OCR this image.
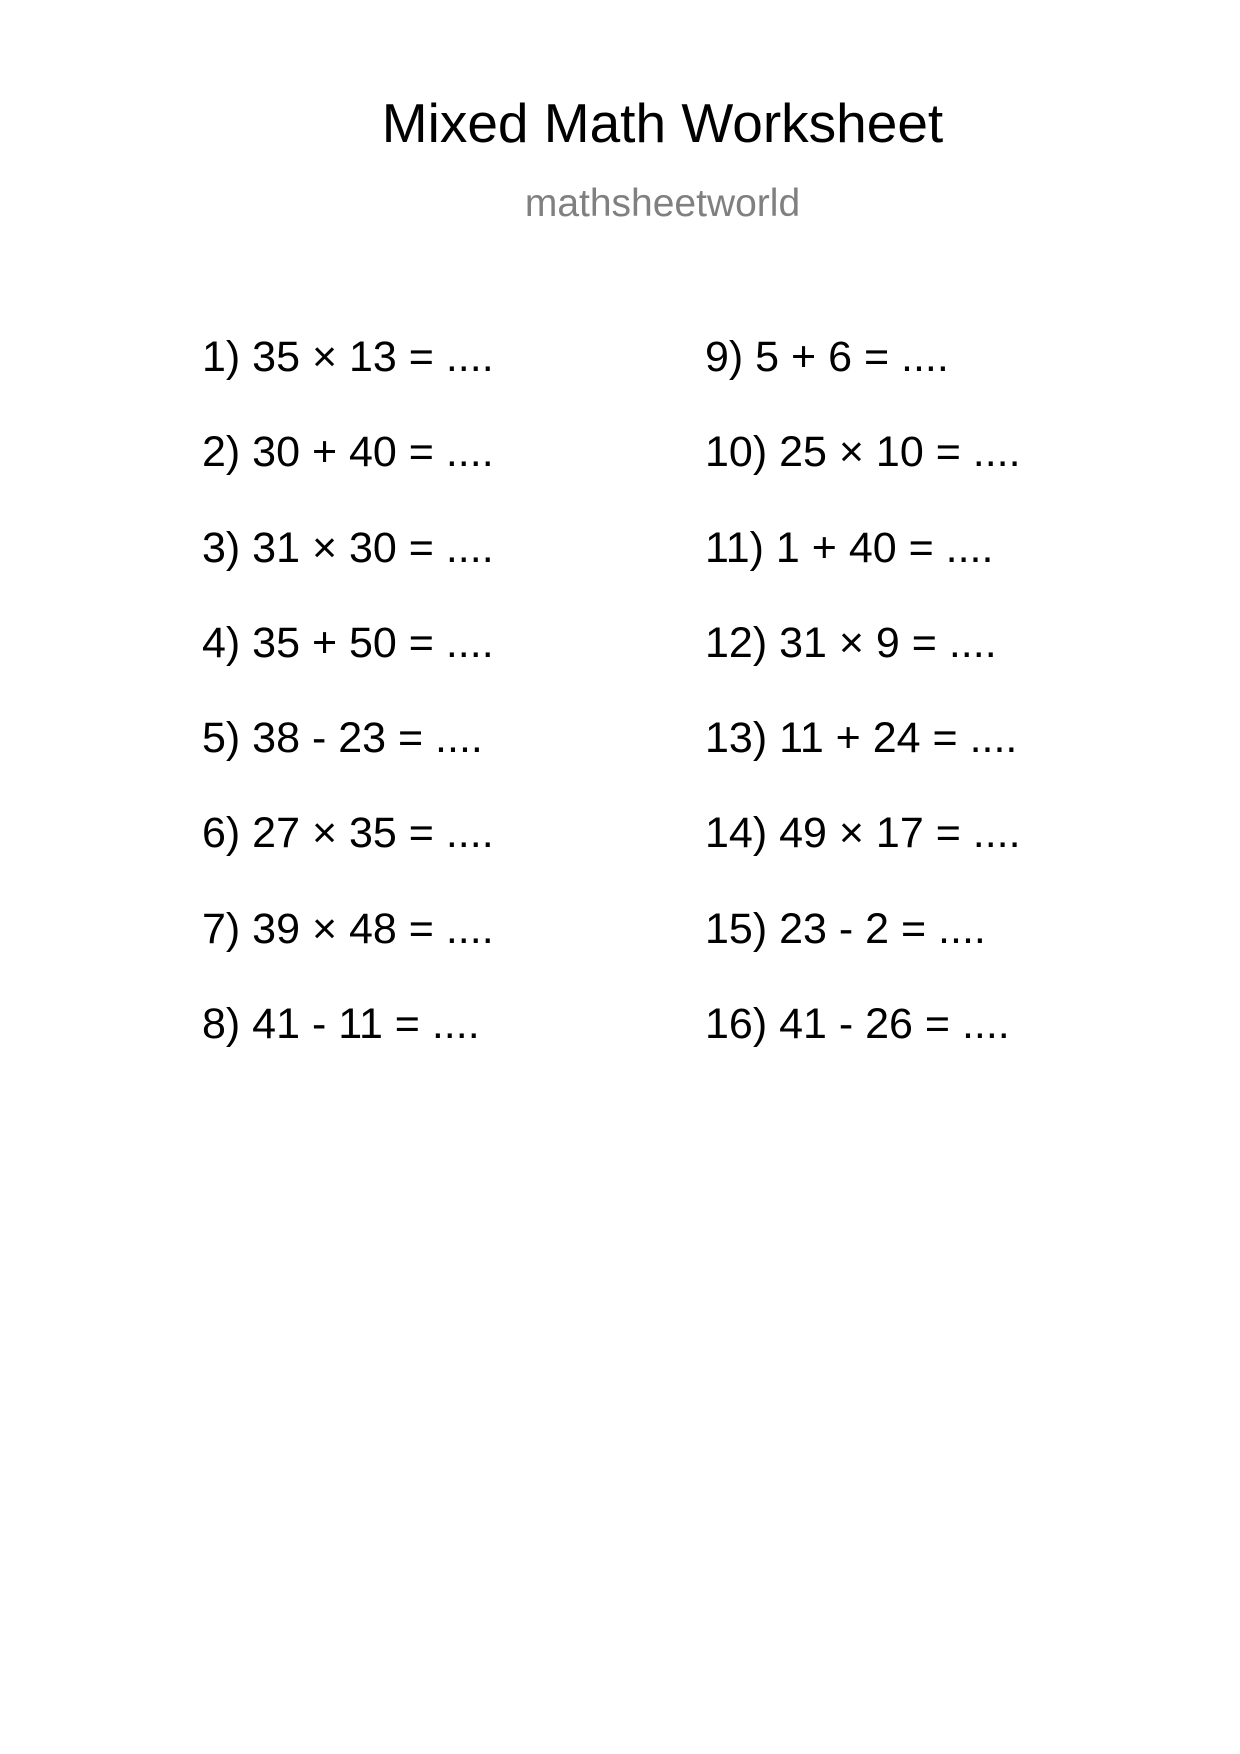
Mixed Math Worksheet
mathsheetworld
1) 35 × 13 = ....
2) 30 + 40 = ....
3) 31 × 30 = ....
4) 35 + 50 = ....
5) 38 - 23 = ....
6) 27 × 35 = ....
7) 39 × 48 = ....
8) 41 - 11 = ....
9) 5 + 6 = ....
10) 25 × 10 = ....
11) 1 + 40 = ....
12) 31 × 9 = ....
13) 11 + 24 = ....
14) 49 × 17 = ....
15) 23 - 2 = ....
16) 41 - 26 = ....
